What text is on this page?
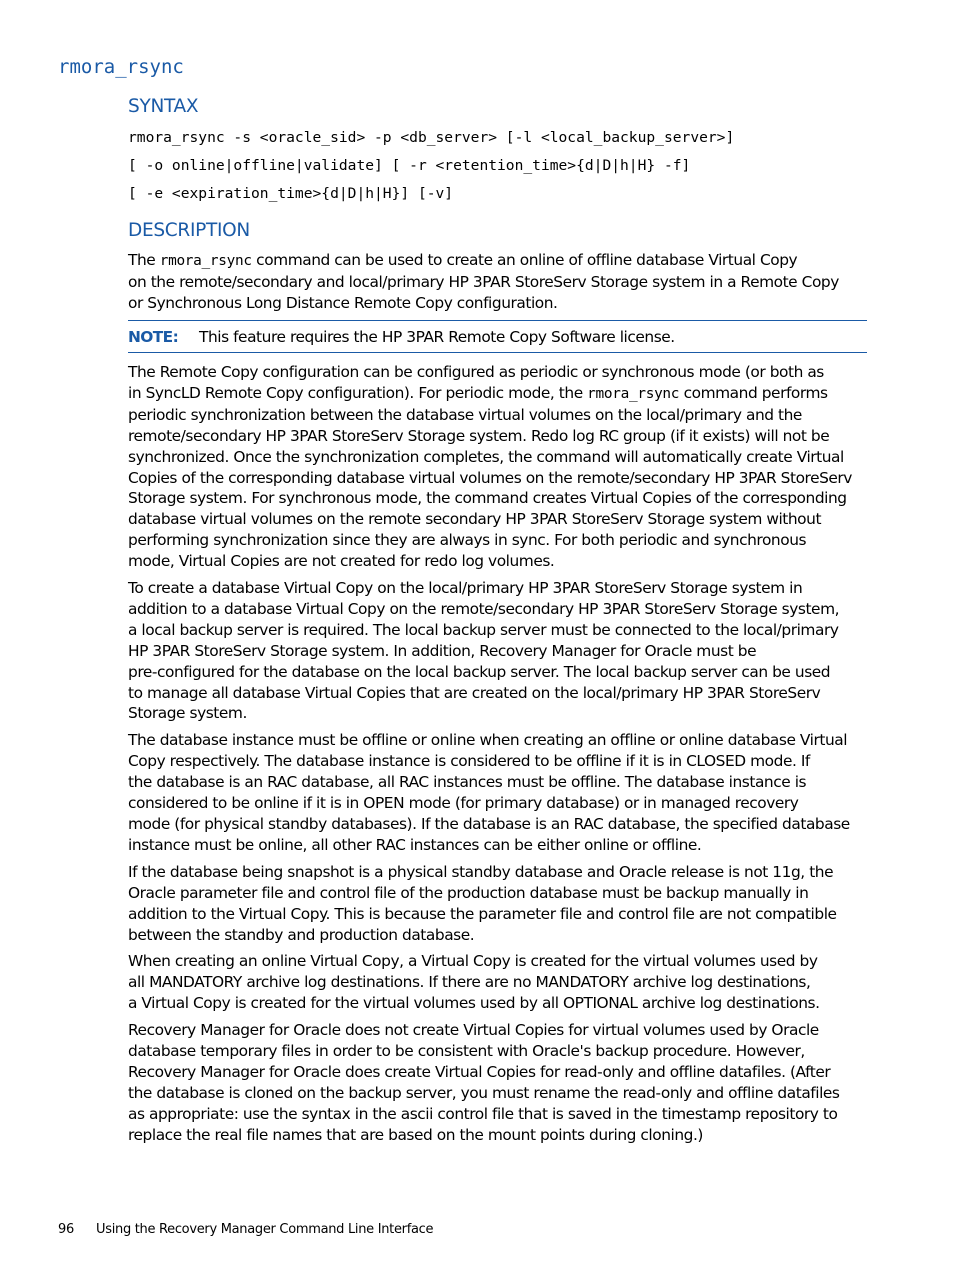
rmora_rsync
SYNTAX

rmora_rsync -s <oracle_sid> -p <db_server> [-l <local_backup_server>]

[ -o online|offline|validate] [ -r <retention_time>{d|D|h|H} -f]

[ -e <expiration_time>{d|D|h|H}] [-v]

DESCRIPTION

The rmora_rsync command can be used to create an online of offline database Virtual Copy

on the remote/secondary and local/primary HP 3PAR StoreServ Storage system in a Remote Copy

or Synchronous Long Distance Remote Copy configuration.

NOTE: This feature requires the HP 3PAR Remote Copy Software license.

The Remote Copy configuration can be configured as periodic or synchronous mode (or both as

in SyncLD Remote Copy configuration). For periodic mode, the rmora_rsync command performs

periodic synchronization between the database virtual volumes on the local/primary and the

remote/secondary HP 3PAR StoreServ Storage system. Redo log RC group (if it exists) will not be

synchronized. Once the synchronization completes, the command will automatically create Virtual

Copies of the corresponding database virtual volumes on the remote/secondary HP 3PAR StoreServ

Storage system. For synchronous mode, the command creates Virtual Copies of the corresponding

database virtual volumes on the remote secondary HP 3PAR StoreServ Storage system without

performing synchronization since they are always in sync. For both periodic and synchronous

mode, Virtual Copies are not created for redo log volumes.

To create a database Virtual Copy on the local/primary HP 3PAR StoreServ Storage system in

addition to a database Virtual Copy on the remote/secondary HP 3PAR StoreServ Storage system,

a local backup server is required. The local backup server must be connected to the local/primary

HP 3PAR StoreServ Storage system. In addition, Recovery Manager for Oracle must be

pre-configured for the database on the local backup server. The local backup server can be used

to manage all database Virtual Copies that are created on the local/primary HP 3PAR StoreServ

Storage system.

The database instance must be offline or online when creating an offline or online database Virtual

Copy respectively. The database instance is considered to be offline if it is in CLOSED mode. If

the database is an RAC database, all RAC instances must be offline. The database instance is

considered to be online if it is in OPEN mode (for primary database) or in managed recovery

mode (for physical standby databases). If the database is an RAC database, the specified database

instance must be online, all other RAC instances can be either online or offline.

If the database being snapshot is a physical standby database and Oracle release is not 11g, the

Oracle parameter file and control file of the production database must be backup manually in

addition to the Virtual Copy. This is because the parameter file and control file are not compatible

between the standby and production database.

When creating an online Virtual Copy, a Virtual Copy is created for the virtual volumes used by

all MANDATORY archive log destinations. If there are no MANDATORY archive log destinations,

a Virtual Copy is created for the virtual volumes used by all OPTIONAL archive log destinations.

Recovery Manager for Oracle does not create Virtual Copies for virtual volumes used by Oracle

database temporary files in order to be consistent with Oracle's backup procedure. However,

Recovery Manager for Oracle does create Virtual Copies for read-only and offline datafiles. (After

the database is cloned on the backup server, you must rename the read-only and offline datafiles

as appropriate: use the syntax in the ascii control file that is saved in the timestamp repository to

replace the real file names that are based on the mount points during cloning.)

96 Using the Recovery Manager Command Line Interface
